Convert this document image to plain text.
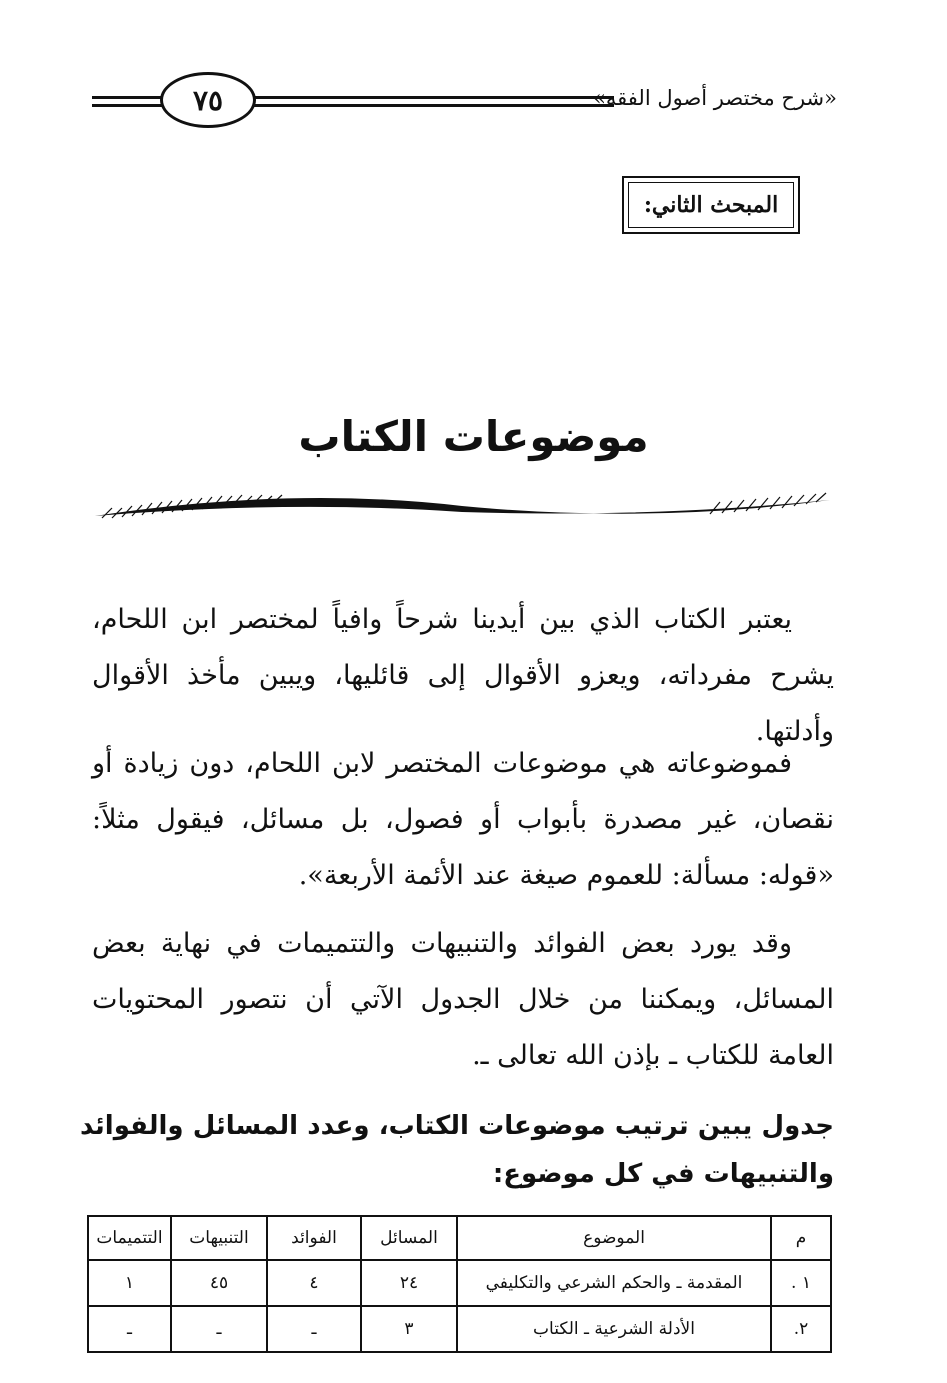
٧٥	«شرح مختصر أصول الفقه»
المبحث الثاني:
موضوعات الكتاب

يعتبر الكتاب الذي بين أيدينا شرحاً وافياً لمختصر ابن اللحام، يشرح مفرداته، ويعزو الأقوال إلى قائليها، ويبين مأخذ الأقوال وأدلتها.

فموضوعاته هي موضوعات المختصر لابن اللحام، دون زيادة أو نقصان، غير مصدرة بأبواب أو فصول، بل مسائل، فيقول مثلاً: «قوله: مسألة: للعموم صيغة عند الأئمة الأربعة».

وقد يورد بعض الفوائد والتنبيهات والتتميمات في نهاية بعض المسائل، ويمكننا من خلال الجدول الآتي أن نتصور المحتويات العامة للكتاب ـ بإذن الله تعالى ـ.

جدول يبين ترتيب موضوعات الكتاب، وعدد المسائل والفوائد والتنبيهات في كل موضوع:

م	الموضوع	المسائل	الفوائد	التنبيهات	التتميمات
١ .	المقدمة ـ والحكم الشرعي والتكليفي	٢٤	٤	٤٥	١
٢.	الأدلة الشرعية ـ الكتاب	٣	ـ	ـ	ـ
